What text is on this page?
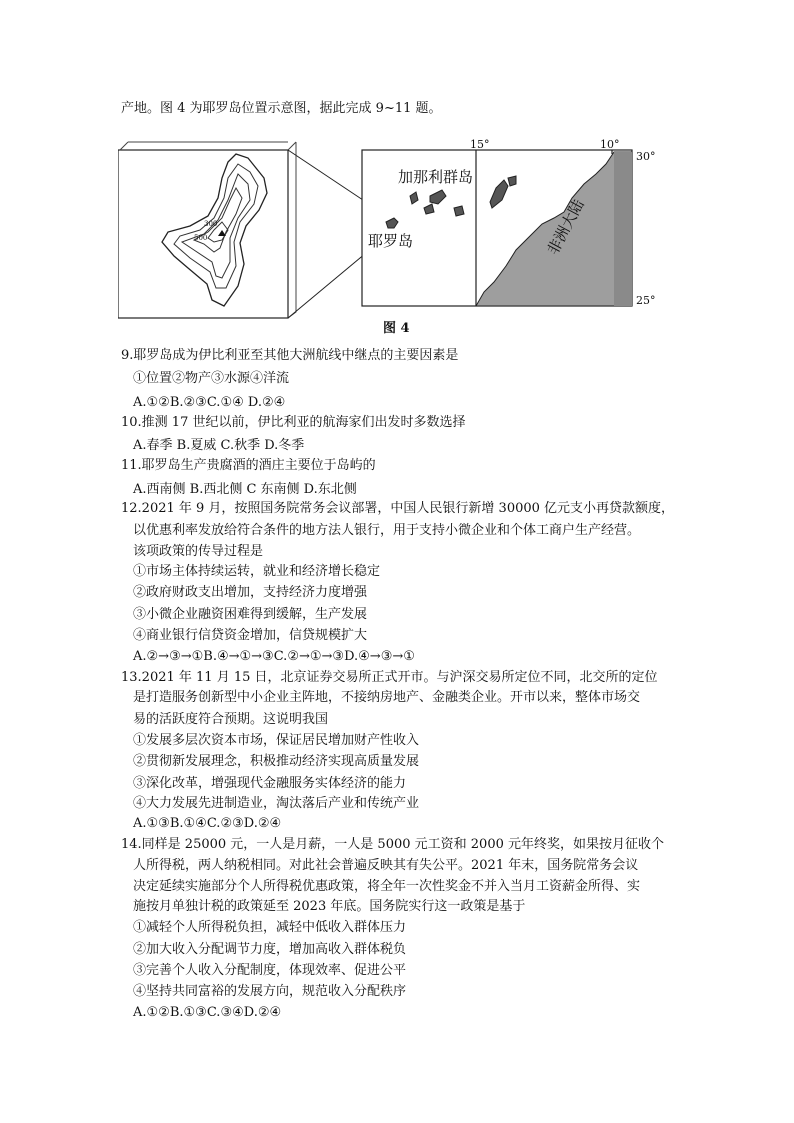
产地。图 4 为耶罗岛位置示意图，据此完成 9~11 题。
300
500
加那利群岛
耶罗岛	非洲大陆
15°	10°
30°
25°
图 4
9.耶罗岛成为伊比利亚至其他大洲航线中继点的主要因素是
①位置②物产③水源④洋流
A.①②B.②③C.①④ D.②④
10.推测 17 世纪以前，伊比利亚的航海家们出发时多数选择
A.春季 B.夏威 C.秋季 D.冬季
11.耶罗岛生产贵腐酒的酒庄主要位于岛屿的
A.西南侧 B.西北侧 C 东南侧 D.东北侧
12.2021 年 9 月，按照国务院常务会议部署，中国人民银行新增 30000 亿元支小再贷款额度，
以优惠利率发放给符合条件的地方法人银行，用于支持小微企业和个体工商户生产经营。
该项政策的传导过程是
①市场主体持续运转，就业和经济增长稳定
②政府财政支出增加，支持经济力度增强
③小微企业融资困难得到缓解，生产发展
④商业银行信贷资金增加，信贷规模扩大
A.②→③→①B.④→①→③C.②→①→③D.④→③→①
13.2021 年 11 月 15 日，北京证券交易所正式开市。与沪深交易所定位不同，北交所的定位
是打造服务创新型中小企业主阵地，不接纳房地产、金融类企业。开市以来，整体市场交
易的活跃度符合预期。这说明我国
①发展多层次资本市场，保证居民增加财产性收入
②贯彻新发展理念，积极推动经济实现高质量发展
③深化改革，增强现代金融服务实体经济的能力
④大力发展先进制造业，淘汰落后产业和传统产业
A.①③B.①④C.②③D.②④
14.同样是 25000 元，一人是月薪，一人是 5000 元工资和 2000 元年终奖，如果按月征收个
人所得税，两人纳税相同。对此社会普遍反映其有失公平。2021 年末，国务院常务会议
决定延续实施部分个人所得税优惠政策，将全年一次性奖金不并入当月工资薪金所得、实
施按月单独计税的政策延至 2023 年底。国务院实行这一政策是基于
①减轻个人所得税负担，减轻中低收入群体压力
②加大收入分配调节力度，增加高收入群体税负
③完善个人收入分配制度，体现效率、促进公平
④坚持共同富裕的发展方向，规范收入分配秩序
A.①②B.①③C.③④D.②④
